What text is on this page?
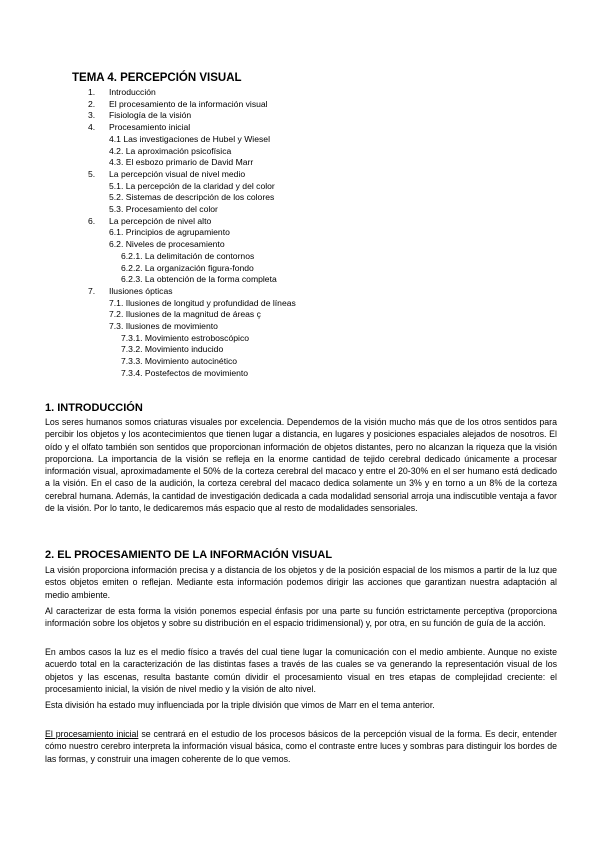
TEMA 4. PERCEPCIÓN VISUAL
1.	Introducción
2.	El procesamiento de la información visual
3.	Fisiología de la visión
4.	Procesamiento inicial
4.1 Las investigaciones de Hubel y Wiesel
4.2. La aproximación psicofísica
4.3. El esbozo primario de David Marr
5.	La percepción visual de nivel medio
5.1. La percepción de la claridad y del color
5.2. Sistemas de descripción de los colores
5.3. Procesamiento del color
6.	La percepción de nivel alto
6.1. Principios de agrupamiento
6.2. Niveles de procesamiento
6.2.1. La delimitación de contornos
6.2.2. La organización figura-fondo
6.2.3. La obtención de la forma completa
7.	Ilusiones ópticas
7.1. Ilusiones de longitud y profundidad de líneas
7.2. Ilusiones de la magnitud de áreas ç
7.3. Ilusiones de movimiento
7.3.1. Movimiento estroboscópico
7.3.2. Movimiento inducido
7.3.3. Movimiento autocinético
7.3.4. Postefectos de movimiento
1. INTRODUCCIÓN

Los seres humanos somos criaturas visuales por excelencia. Dependemos de la visión mucho más que de los otros sentidos para percibir los objetos y los acontecimientos que tienen lugar a distancia, en lugares y posiciones espaciales alejados de nosotros. El oído y el olfato también son sentidos que proporcionan información de objetos distantes, pero no alcanzan la riqueza que la visión proporciona. La importancia de la visión se refleja en la enorme cantidad de tejido cerebral dedicado únicamente a procesar información visual, aproximadamente el 50% de la corteza cerebral del macaco y entre el 20-30% en el ser humano está dedicado a la visión. En el caso de la audición, la corteza cerebral del macaco dedica solamente un 3% y en torno a un 8% de la corteza cerebral humana. Además, la cantidad de investigación dedicada a cada modalidad sensorial arroja una indiscutible ventaja a favor de la visión. Por lo tanto, le dedicaremos más espacio que al resto de modalidades sensoriales.

2. EL PROCESAMIENTO DE LA INFORMACIÓN VISUAL

La visión proporciona información precisa y a distancia de los objetos y de la posición espacial de los mismos a partir de la luz que estos objetos emiten o reflejan. Mediante esta información podemos dirigir las acciones que garantizan nuestra adaptación al medio ambiente.

Al caracterizar de esta forma la visión ponemos especial énfasis por una parte su función estrictamente perceptiva (proporciona información sobre los objetos y sobre su distribución en el espacio tridimensional) y, por otra, en su función de guía de la acción.

En ambos casos la luz es el medio físico a través del cual tiene lugar la comunicación con el medio ambiente. Aunque no existe acuerdo total en la caracterización de las distintas fases a través de las cuales se va generando la representación visual de los objetos y las escenas, resulta bastante común dividir el procesamiento visual en tres etapas de complejidad creciente: el procesamiento inicial, la visión de nivel medio y la visión de alto nivel.

Esta división ha estado muy influenciada por la triple división que vimos de Marr en el tema anterior.

El procesamiento inicial se centrará en el estudio de los procesos básicos de la percepción visual de la forma. Es decir, entender cómo nuestro cerebro interpreta la información visual básica, como el contraste entre luces y sombras para distinguir los bordes de las formas, y construir una imagen coherente de lo que vemos.
